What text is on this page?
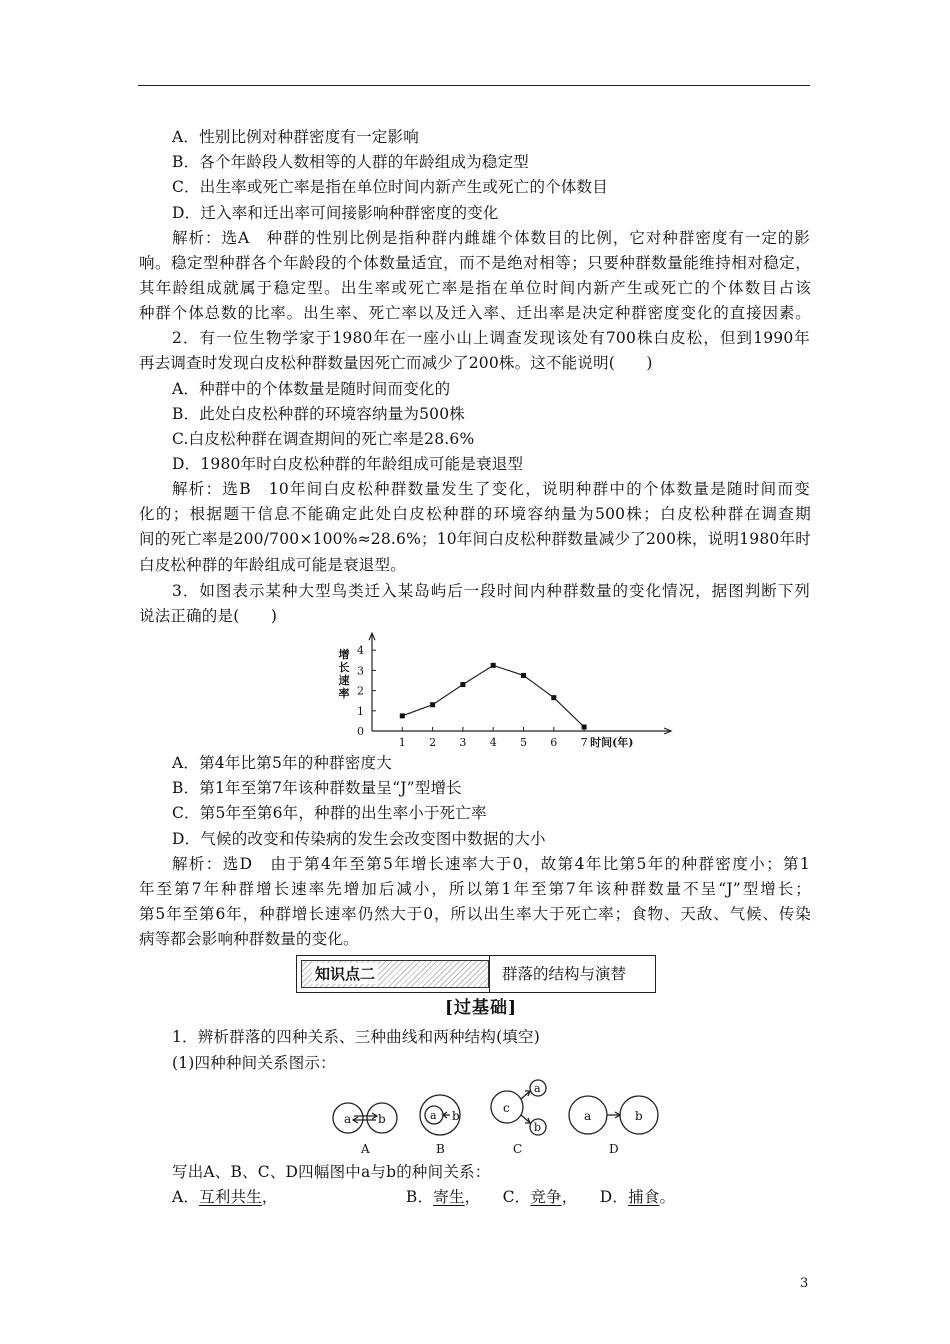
A．性别比例对种群密度有一定影响
B．各个年龄段人数相等的人群的年龄组成为稳定型
C．出生率或死亡率是指在单位时间内新产生或死亡的个体数目
D．迁入率和迁出率可间接影响种群密度的变化
解析：选A　种群的性别比例是指种群内雌雄个体数目的比例，它对种群密度有一定的影
响。稳定型种群各个年龄段的个体数量适宜，而不是绝对相等；只要种群数量能维持相对稳定，
其年龄组成就属于稳定型。出生率或死亡率是指在单位时间内新产生或死亡的个体数目占该
种群个体总数的比率。出生率、死亡率以及迁入率、迁出率是决定种群密度变化的直接因素。
2．有一位生物学家于1980年在一座小山上调查发现该处有700株白皮松，但到1990年
再去调查时发现白皮松种群数量因死亡而减少了200株。这不能说明(　　)
A．种群中的个体数量是随时间而变化的
B．此处白皮松种群的环境容纳量为500株
C.白皮松种群在调查期间的死亡率是28.6%
D．1980年时白皮松种群的年龄组成可能是衰退型
解析：选B　10年间白皮松种群数量发生了变化，说明种群中的个体数量是随时间而变
化的；根据题干信息不能确定此处白皮松种群的环境容纳量为500株；白皮松种群在调查期
间的死亡率是200/700×100%≈28.6%；10年间白皮松种群数量减少了200株，说明1980年时
白皮松种群的年龄组成可能是衰退型。
3．如图表示某种大型鸟类迁入某岛屿后一段时间内种群数量的变化情况，据图判断下列
说法正确的是(　　)
0
1
2
3
4
1 2 3 4 5 6 7 时间(年)
增
长
速
率
A．第4年比第5年的种群密度大
B．第1年至第7年该种群数量呈“J”型增长
C．第5年至第6年，种群的出生率小于死亡率
D．气候的改变和传染病的发生会改变图中数据的大小
解析：选D　由于第4年至第5年增长速率大于0，故第4年比第5年的种群密度小；第1
年至第7年种群增长速率先增加后减小，所以第1年至第7年该种群数量不呈“J”型增长；
第5年至第6年，种群增长速率仍然大于0，所以出生率大于死亡率；食物、天敌、气候、传染
病等都会影响种群数量的变化。
知识点二	群落的结构与演替
[过基础]
1．辨析群落的四种关系、三种曲线和两种结构(填空)
(1)四种种间关系图示：
a b
A
a b
B
c
a
b
C
a	b
D
写出A、B、C、D四幅图中a与b的种间关系：
A．互利共生，	B．寄生， C．竞争， D．捕食。
3
